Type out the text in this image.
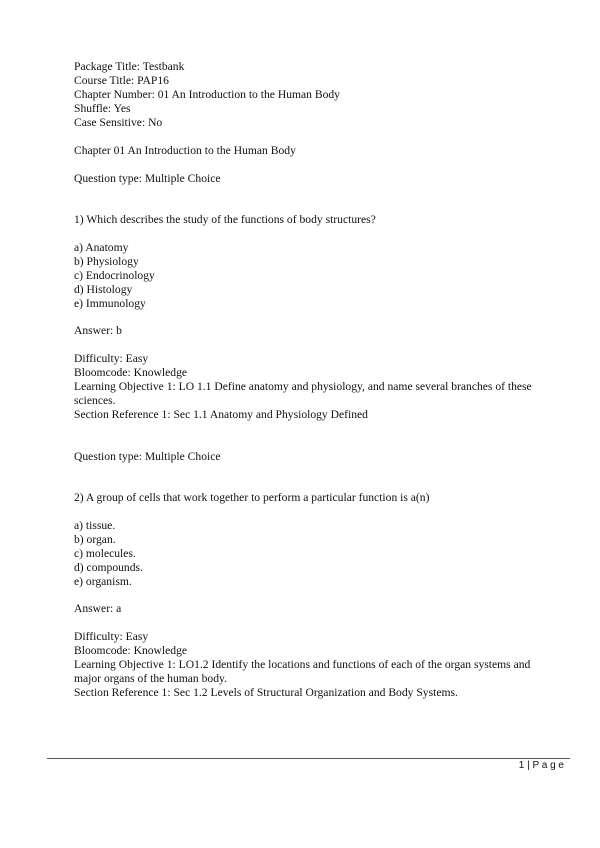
Package Title: Testbank
Course Title: PAP16
Chapter Number: 01 An Introduction to the Human Body
Shuffle: Yes
Case Sensitive: No
Chapter 01 An Introduction to the Human Body
Question type: Multiple Choice
1) Which describes the study of the functions of body structures?
a) Anatomy
b) Physiology
c) Endocrinology
d) Histology
e) Immunology
Answer: b
Difficulty: Easy
Bloomcode: Knowledge
Learning Objective 1: LO 1.1 Define anatomy and physiology, and name several branches of these sciences.
Section Reference 1: Sec 1.1 Anatomy and Physiology Defined
Question type: Multiple Choice
2) A group of cells that work together to perform a particular function is a(n)
a) tissue.
b) organ.
c) molecules.
d) compounds.
e) organism.
Answer: a
Difficulty: Easy
Bloomcode: Knowledge
Learning Objective 1: LO1.2 Identify the locations and functions of each of the organ systems and major organs of the human body.
Section Reference 1: Sec 1.2 Levels of Structural Organization and Body Systems.
1 | P a g e
